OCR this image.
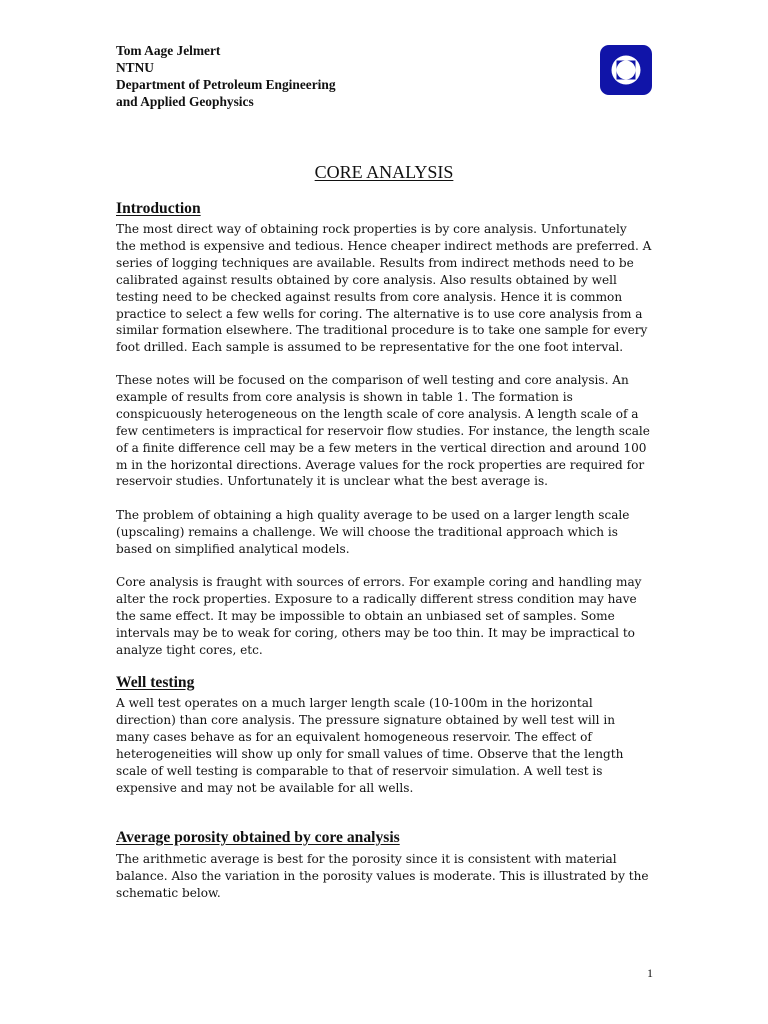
Tom Aage Jelmert
NTNU
Department of Petroleum Engineering
and Applied Geophysics
CORE ANALYSIS
Introduction
The most direct way of obtaining rock properties is by core analysis. Unfortunately
the method is expensive and tedious. Hence cheaper indirect methods are preferred. A
series of logging techniques are available. Results from indirect methods need to be
calibrated against results obtained by core analysis. Also results obtained by well
testing need to be checked against results from core analysis. Hence it is common
practice to select a few wells for coring. The alternative is to use core analysis from a
similar formation elsewhere. The traditional procedure is to take one sample for every
foot drilled. Each sample is assumed to be representative for the one foot interval.
These notes will be focused on the comparison of well testing and core analysis. An
example of results from core analysis is shown in table 1. The formation is
conspicuously heterogeneous on the length scale of core analysis. A length scale of a
few centimeters is impractical for reservoir flow studies. For instance, the length scale
of a finite difference cell may be a few meters in the vertical direction and around 100
m in the horizontal directions. Average values for the rock properties are required for
reservoir studies. Unfortunately it is unclear what the best average is.
The problem of obtaining a high quality average to be used on a larger length scale
(upscaling) remains a challenge. We will choose the traditional approach which is
based on simplified analytical models.
Core analysis is fraught with sources of errors. For example coring and handling may
alter the rock properties. Exposure to a radically different stress condition may have
the same effect. It may be impossible to obtain an unbiased set of samples. Some
intervals may be to weak for coring, others may be too thin. It may be impractical to
analyze tight cores, etc.
Well testing
A well test operates on a much larger length scale (10-100m in the horizontal
direction) than core analysis. The pressure signature obtained by well test will in
many cases behave as for an equivalent homogeneous reservoir. The effect of
heterogeneities will show up only for small values of time. Observe that the length
scale of well testing is comparable to that of reservoir simulation. A well test is
expensive and may not be available for all wells.
Average porosity obtained by core analysis
The arithmetic average is best for the porosity since it is consistent with material
balance. Also the variation in the porosity values is moderate. This is illustrated by the
schematic below.
1
